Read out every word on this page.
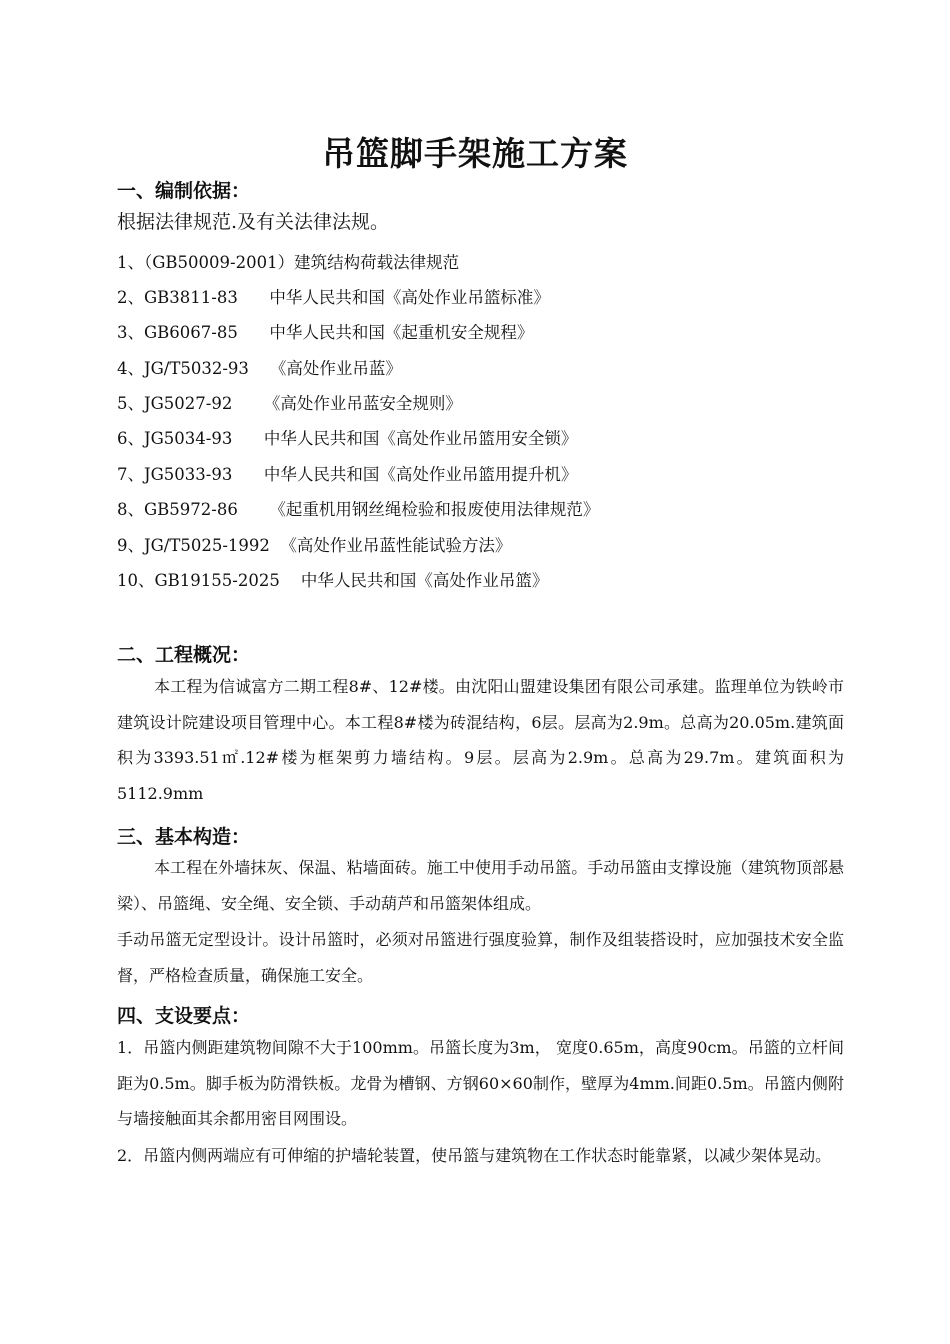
吊篮脚手架施工方案
一、编制依据：
根据法律规范.及有关法律法规。
1、（GB50009-2001）建筑结构荷载法律规范
2、GB3811-83      中华人民共和国《高处作业吊篮标准》
3、GB6067-85      中华人民共和国《起重机安全规程》
4、JG/T5032-93    《高处作业吊蓝》
5、JG5027-92      《高处作业吊蓝安全规则》
6、JG5034-93      中华人民共和国《高处作业吊篮用安全锁》
7、JG5033-93      中华人民共和国《高处作业吊篮用提升机》
8、GB5972-86      《起重机用钢丝绳检验和报废使用法律规范》
9、JG/T5025-1992  《高处作业吊蓝性能试验方法》
10、GB19155-2025    中华人民共和国《高处作业吊篮》
二、工程概况：
本工程为信诚富方二期工程8#、12#楼。由沈阳山盟建设集团有限公司承建。监理单位为铁岭市建筑设计院建设项目管理中心。本工程8#楼为砖混结构，6层。层高为2.9m。总高为20.05m.建筑面积为3393.51㎡.12#楼为框架剪力墙结构。9层。层高为2.9m。总高为29.7m。建筑面积为5112.9mm
三、基本构造：
本工程在外墙抹灰、保温、粘墙面砖。施工中使用手动吊篮。手动吊篮由支撑设施（建筑物顶部悬梁）、吊篮绳、安全绳、安全锁、手动葫芦和吊篮架体组成。
手动吊篮无定型设计。设计吊篮时，必须对吊篮进行强度验算，制作及组装搭设时，应加强技术安全监督，严格检查质量，确保施工安全。
四、支设要点：
1．吊篮内侧距建筑物间隙不大于100mm。吊篮长度为3m， 宽度0.65m，高度90cm。吊篮的立杆间距为0.5m。脚手板为防滑铁板。龙骨为槽钢、方钢60×60制作，壁厚为4mm.间距0.5m。吊篮内侧附与墙接触面其余都用密目网围设。
2．吊篮内侧两端应有可伸缩的护墙轮装置，使吊篮与建筑物在工作状态时能靠紧，以减少架体晃动。
